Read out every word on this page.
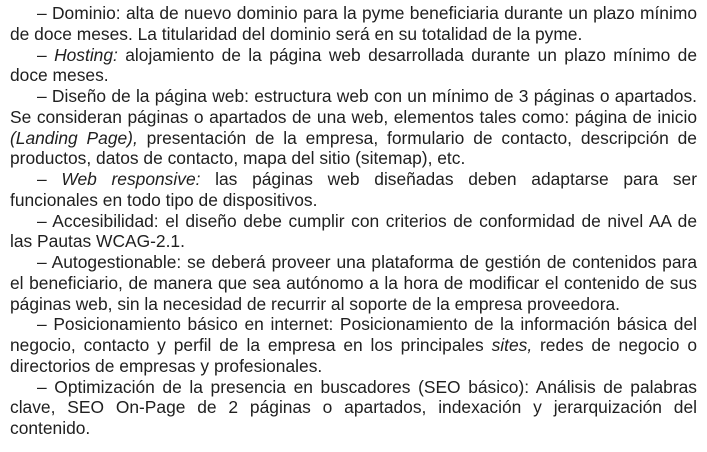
– Dominio: alta de nuevo dominio para la pyme beneficiaria durante un plazo mínimo
de doce meses. La titularidad del dominio será en su totalidad de la pyme.
– Hosting: alojamiento de la página web desarrollada durante un plazo mínimo de
doce meses.
– Diseño de la página web: estructura web con un mínimo de 3 páginas o apartados.
Se consideran páginas o apartados de una web, elementos tales como: página de inicio
(Landing Page), presentación de la empresa, formulario de contacto, descripción de
productos, datos de contacto, mapa del sitio (sitemap), etc.
– Web responsive: las páginas web diseñadas deben adaptarse para ser
funcionales en todo tipo de dispositivos.
– Accesibilidad: el diseño debe cumplir con criterios de conformidad de nivel AA de
las Pautas WCAG-2.1.
– Autogestionable: se deberá proveer una plataforma de gestión de contenidos para
el beneficiario, de manera que sea autónomo a la hora de modificar el contenido de sus
páginas web, sin la necesidad de recurrir al soporte de la empresa proveedora.
– Posicionamiento básico en internet: Posicionamiento de la información básica del
negocio, contacto y perfil de la empresa en los principales sites, redes de negocio o
directorios de empresas y profesionales.
– Optimización de la presencia en buscadores (SEO básico): Análisis de palabras
clave, SEO On-Page de 2 páginas o apartados, indexación y jerarquización del
contenido.
